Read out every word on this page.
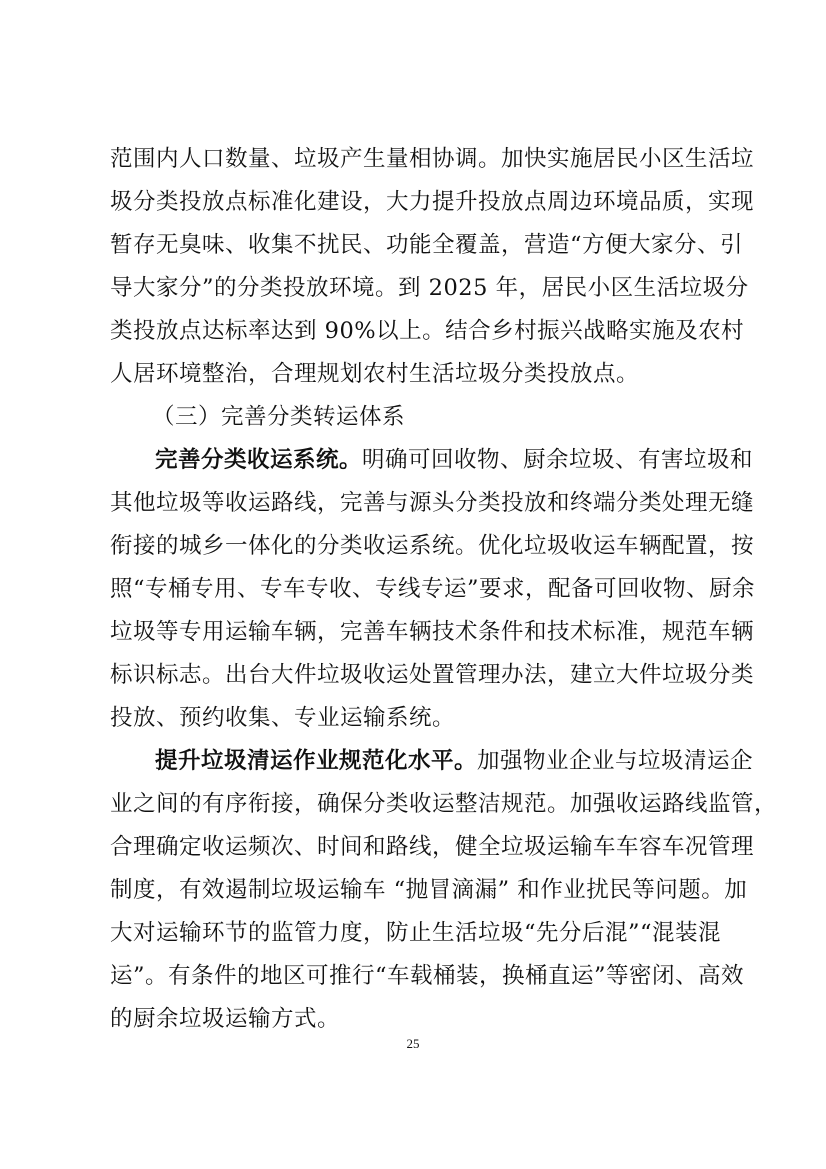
范围内人口数量、垃圾产生量相协调。加快实施居民小区生活垃
圾分类投放点标准化建设，大力提升投放点周边环境品质，实现
暂存无臭味、收集不扰民、功能全覆盖，营造“方便大家分、引
导大家分”的分类投放环境。到 2025 年，居民小区生活垃圾分
类投放点达标率达到 90%以上。结合乡村振兴战略实施及农村
人居环境整治，合理规划农村生活垃圾分类投放点。
（三）完善分类转运体系
完善分类收运系统。明确可回收物、厨余垃圾、有害垃圾和
其他垃圾等收运路线，完善与源头分类投放和终端分类处理无缝
衔接的城乡一体化的分类收运系统。优化垃圾收运车辆配置，按
照“专桶专用、专车专收、专线专运”要求，配备可回收物、厨余
垃圾等专用运输车辆，完善车辆技术条件和技术标准，规范车辆
标识标志。出台大件垃圾收运处置管理办法，建立大件垃圾分类
投放、预约收集、专业运输系统。
提升垃圾清运作业规范化水平。加强物业企业与垃圾清运企
业之间的有序衔接，确保分类收运整洁规范。加强收运路线监管，
合理确定收运频次、时间和路线，健全垃圾运输车车容车况管理
制度，有效遏制垃圾运输车 “抛冒滴漏” 和作业扰民等问题。加
大对运输环节的监管力度，防止生活垃圾“先分后混”“混装混
运”。有条件的地区可推行“车载桶装，换桶直运”等密闭、高效
的厨余垃圾运输方式。
25
